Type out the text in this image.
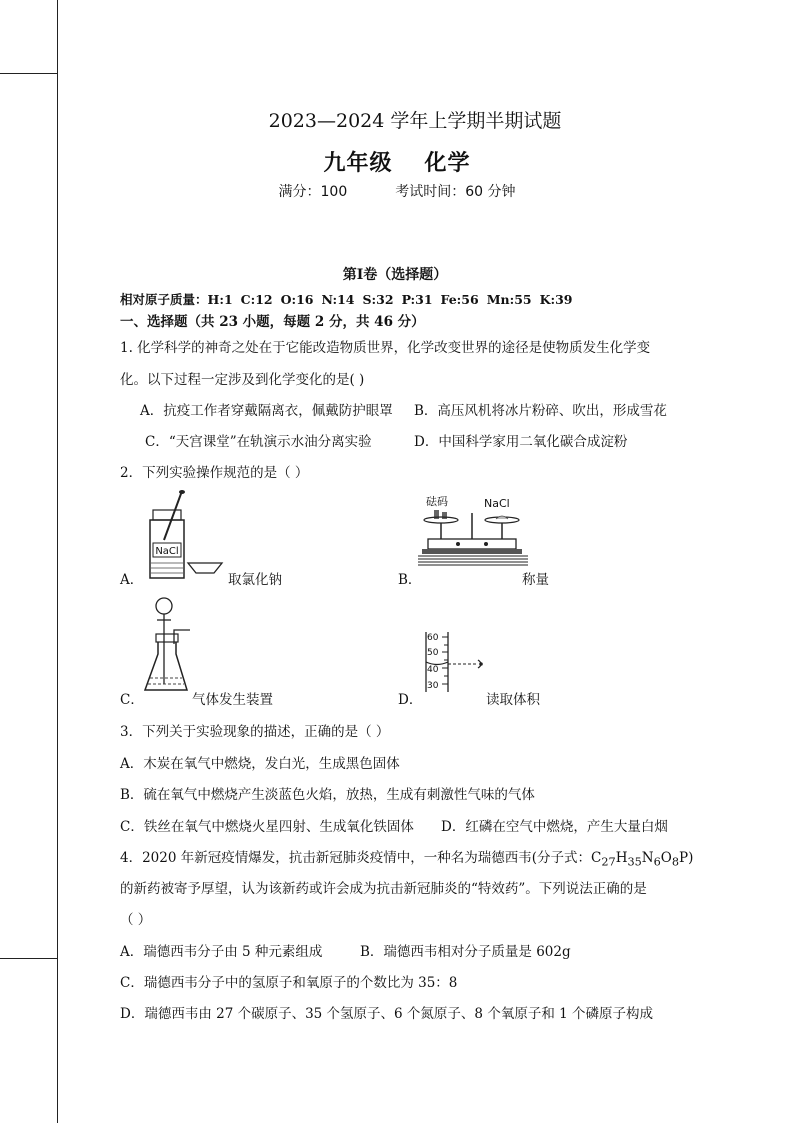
2023—2024 学年上学期半期试题
九年级 化学
满分：100	考试时间：60 分钟
第Ⅰ卷（选择题）
相对原子质量：H:1 C:12 O:16 N:14 S:32 P:31 Fe:56 Mn:55 K:39
一、选择题（共 23 小题，每题 2 分，共 46 分）
1. 化学科学的神奇之处在于它能改造物质世界，化学改变世界的途径是使物质发生化学变
化。以下过程一定涉及到化学变化的是( )
A．抗疫工作者穿戴隔离衣，佩戴防护眼罩 B．高压风机将冰片粉碎、吹出，形成雪花
C．“天宫课堂”在轨演示水油分离实验	D．中国科学家用二氧化碳合成淀粉
2．下列实验操作规范的是（ ）
NaCl
A．	取氯化钠
砝码	NaCl
B．	称量
C．	气体发生装置
60
50
40
30
D．	读取体积
3．下列关于实验现象的描述，正确的是（ ）
A．木炭在氧气中燃烧，发白光，生成黑色固体
B．硫在氧气中燃烧产生淡蓝色火焰，放热，生成有刺激性气味的气体
C．铁丝在氧气中燃烧火星四射、生成氧化铁固体 D．红磷在空气中燃烧，产生大量白烟
4．2020 年新冠疫情爆发，抗击新冠肺炎疫情中，一种名为瑞德西韦(分子式：$C_{27}H_{35}N_6O_8P$)
的新药被寄予厚望，认为该新药或许会成为抗击新冠肺炎的“特效药”。下列说法正确的是
（ ）
A．瑞德西韦分子由 5 种元素组成	B．瑞德西韦相对分子质量是 602g
C．瑞德西韦分子中的氢原子和氧原子的个数比为 35：8
D．瑞德西韦由 27 个碳原子、35 个氢原子、6 个氮原子、8 个氧原子和 1 个磷原子构成
